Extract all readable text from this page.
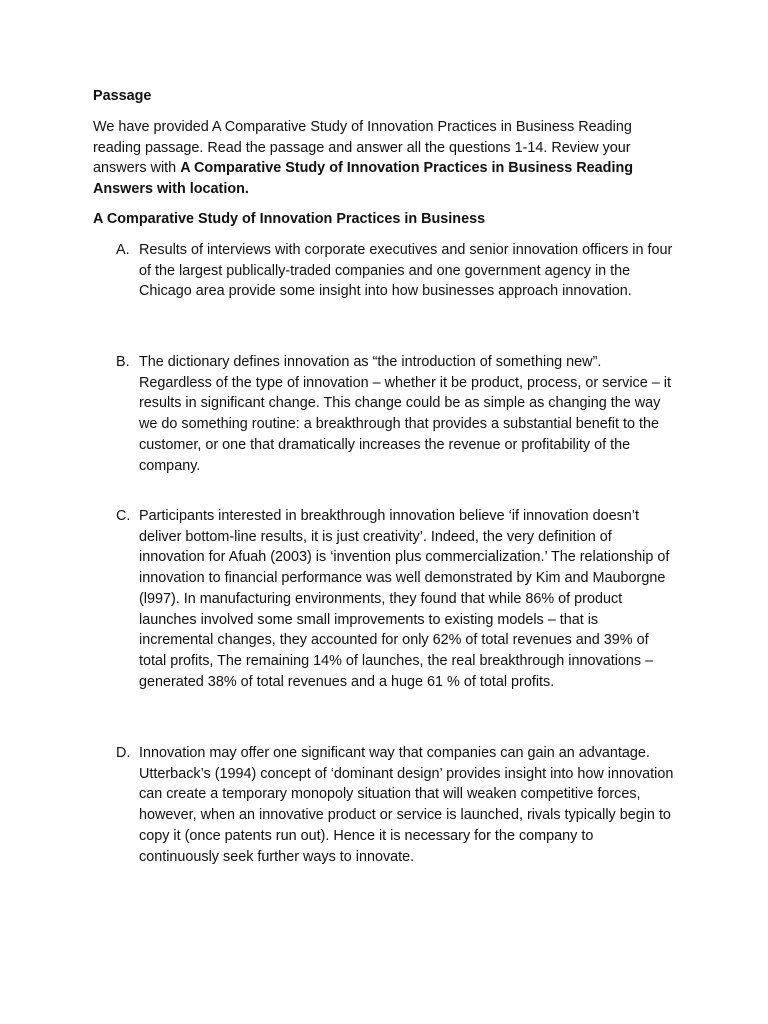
Passage

We have provided A Comparative Study of Innovation Practices in Business Reading reading passage. Read the passage and answer all the questions 1-14. Review your answers with A Comparative Study of Innovation Practices in Business Reading Answers with location.

A Comparative Study of Innovation Practices in Business

A. Results of interviews with corporate executives and senior innovation officers in four of the largest publically-traded companies and one government agency in the Chicago area provide some insight into how businesses approach innovation.
B. The dictionary defines innovation as “the introduction of something new”. Regardless of the type of innovation – whether it be product, process, or service – it results in significant change. This change could be as simple as changing the way we do something routine: a breakthrough that provides a substantial benefit to the customer, or one that dramatically increases the revenue or profitability of the company.
C. Participants interested in breakthrough innovation believe ‘if innovation doesn’t deliver bottom-line results, it is just creativity’. Indeed, the very definition of innovation for Afuah (2003) is ‘invention plus commercialization.’ The relationship of innovation to financial performance was well demonstrated by Kim and Mauborgne (l997). In manufacturing environments, they found that while 86% of product launches involved some small improvements to existing models – that is incremental changes, they accounted for only 62% of total revenues and 39% of total profits, The remaining 14% of launches, the real breakthrough innovations – generated 38% of total revenues and a huge 61 % of total profits.
D. Innovation may offer one significant way that companies can gain an advantage. Utterback’s (1994) concept of ‘dominant design’ provides insight into how innovation can create a temporary monopoly situation that will weaken competitive forces, however, when an innovative product or service is launched, rivals typically begin to copy it (once patents run out). Hence it is necessary for the company to continuously seek further ways to innovate.
